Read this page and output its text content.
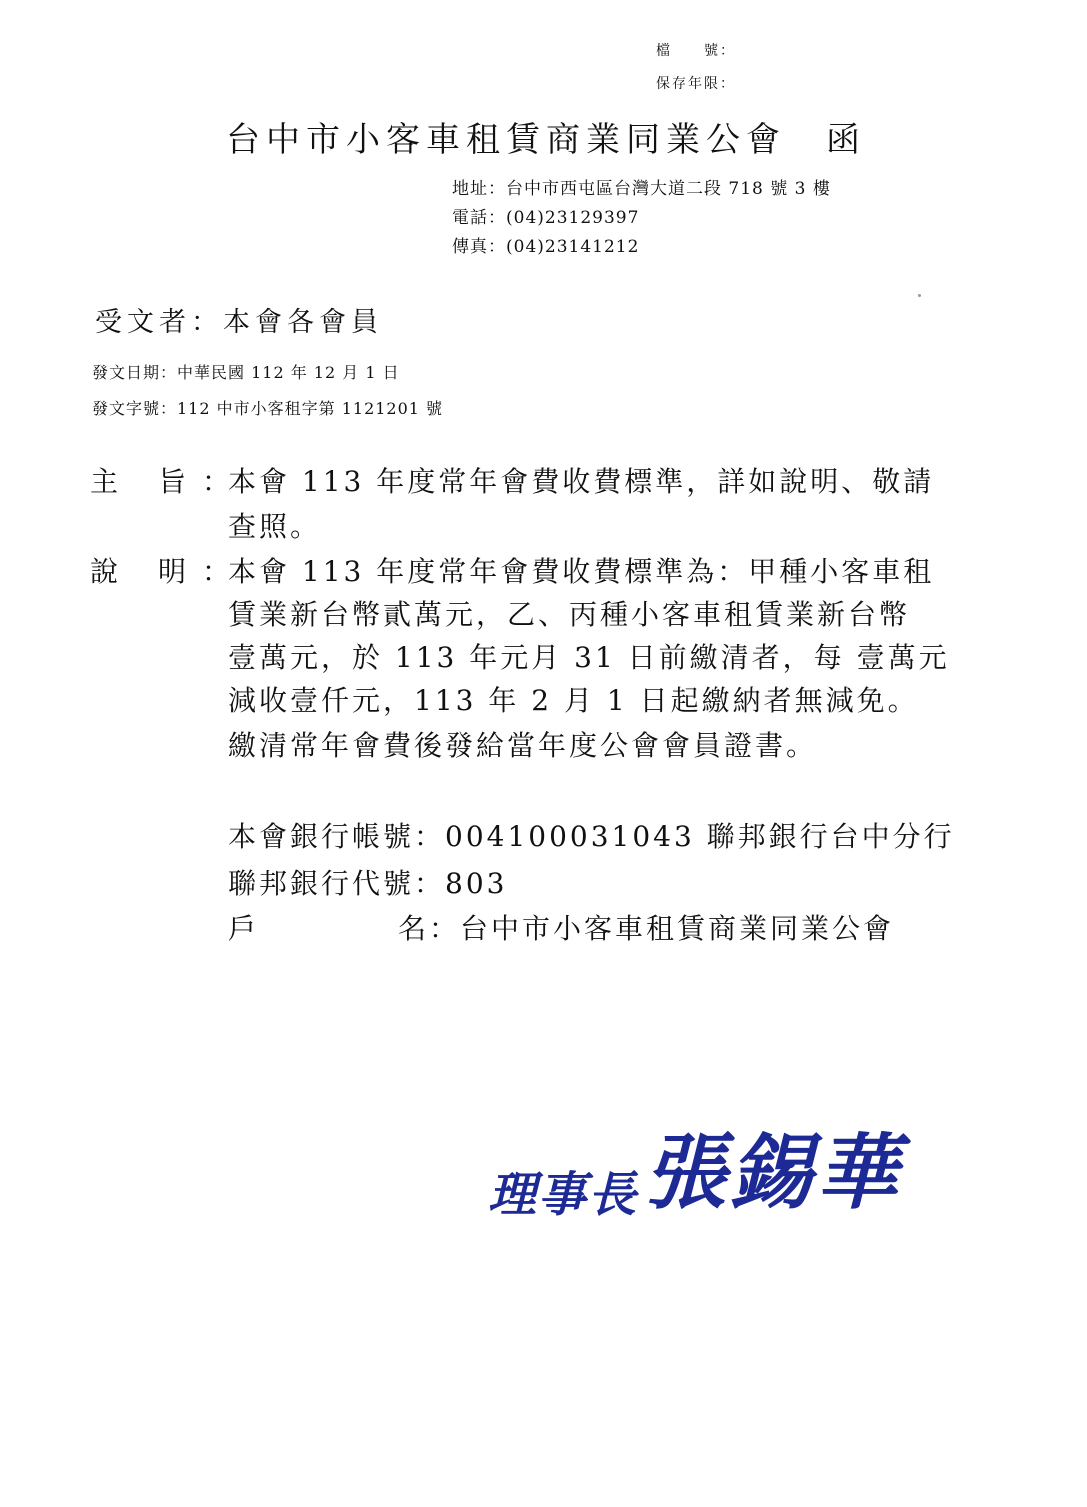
檔　　號：
保存年限：
台中市小客車租賃商業同業公會 函
地址：台中市西屯區台灣大道二段 718 號 3 樓
電話：(04)23129397
傳真：(04)23141212
受文者：本會各會員
發文日期：中華民國 112 年 12 月 1 日
發文字號：112 中市小客租字第 1121201 號
主 旨 ：
本會 113 年度常年會費收費標準，詳如說明、敬請
查照。
說 明 ：
本會 113 年度常年會費收費標準為：甲種小客車租
賃業新台幣貳萬元，乙、丙種小客車租賃業新台幣
壹萬元，於 113 年元月 31 日前繳清者，每 壹萬元
減收壹仟元，113 年 2 月 1 日起繳納者無減免。
繳清常年會費後發給當年度公會會員證書。
本會銀行帳號：004100031043 聯邦銀行台中分行
聯邦銀行代號：803
戶	名：台中市小客車租賃商業同業公會
理事長張錫華
